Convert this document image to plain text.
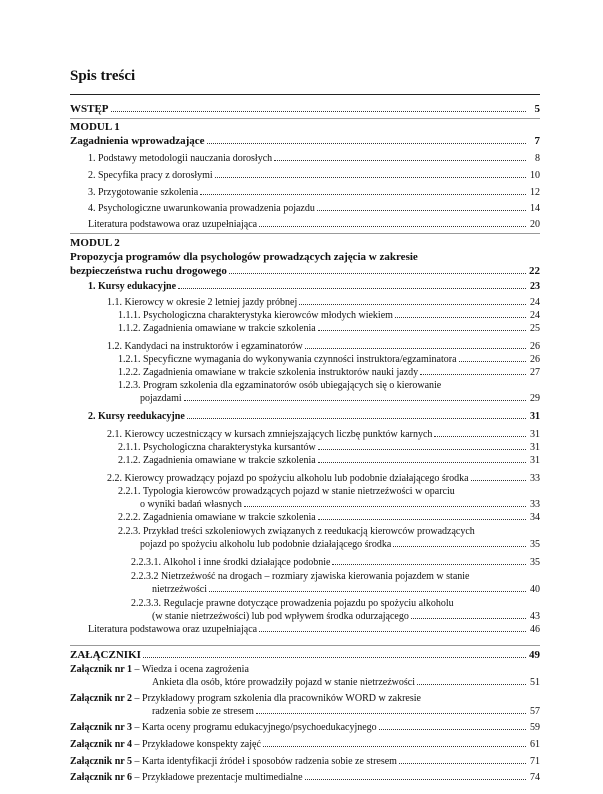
Spis treści
WSTĘP	5
MODUL 1
Zagadnienia wprowadzające	7
1. Podstawy metodologii nauczania dorosłych	8
2. Specyfika pracy z dorosłymi	10
3. Przygotowanie szkolenia	12
4. Psychologiczne uwarunkowania prowadzenia pojazdu	14
Literatura podstawowa oraz uzupełniająca	20
MODUL 2
Propozycja programów dla psychologów prowadzących zajęcia w zakresie
bezpieczeństwa ruchu drogowego	22
1. Kursy edukacyjne	23
1.1. Kierowcy w okresie 2 letniej jazdy próbnej	24
1.1.1. Psychologiczna charakterystyka kierowców młodych wiekiem	24
1.1.2. Zagadnienia omawiane w trakcie szkolenia	25
1.2. Kandydaci na instruktorów i egzaminatorów	26
1.2.1. Specyficzne wymagania do wykonywania czynności instruktora/egzaminatora	26
1.2.2. Zagadnienia omawiane w trakcie szkolenia instruktorów nauki jazdy	27
1.2.3. Program szkolenia dla egzaminatorów osób ubiegających się o kierowanie
pojazdami	29
2. Kursy reedukacyjne	31
2.1. Kierowcy uczestniczący w kursach zmniejszających liczbę punktów karnych	31
2.1.1. Psychologiczna charakterystyka kursantów	31
2.1.2. Zagadnienia omawiane w trakcie szkolenia	31
2.2. Kierowcy prowadzący pojazd po spożyciu alkoholu lub podobnie działającego środka	33
2.2.1. Typologia kierowców prowadzących pojazd w stanie nietrzeźwości w oparciu
o wyniki badań własnych	33
2.2.2. Zagadnienia omawiane w trakcie szkolenia	34
2.2.3. Przykład treści szkoleniowych związanych z reedukacją kierowców prowadzących
pojazd po spożyciu alkoholu lub podobnie działającego środka	35
2.2.3.1. Alkohol i inne środki działające podobnie	35
2.2.3.2 Nietrzeźwość na drogach – rozmiary zjawiska kierowania pojazdem w stanie
nietrzeźwości	40
2.2.3.3. Regulacje prawne dotyczące prowadzenia pojazdu po spożyciu alkoholu
(w stanie nietrzeźwości) lub pod wpływem środka odurzającego	43
Literatura podstawowa oraz uzupełniająca	46
ZAŁĄCZNIKI	49
Załącznik nr 1 – Wiedza i ocena zagrożenia
Ankieta dla osób, które prowadziły pojazd w stanie nietrzeźwości	51
Załącznik nr 2 – Przykładowy program szkolenia dla pracowników WORD w zakresie
radzenia sobie ze stresem	57
Załącznik nr 3 – Karta oceny programu edukacyjnego/psychoedukacyjnego	59
Załącznik nr 4 – Przykładowe konspekty zajęć	61
Załącznik nr 5 – Karta identyfikacji źródeł i sposobów radzenia sobie ze stresem	71
Załącznik nr 6 – Przykładowe prezentacje multimedialne	74
